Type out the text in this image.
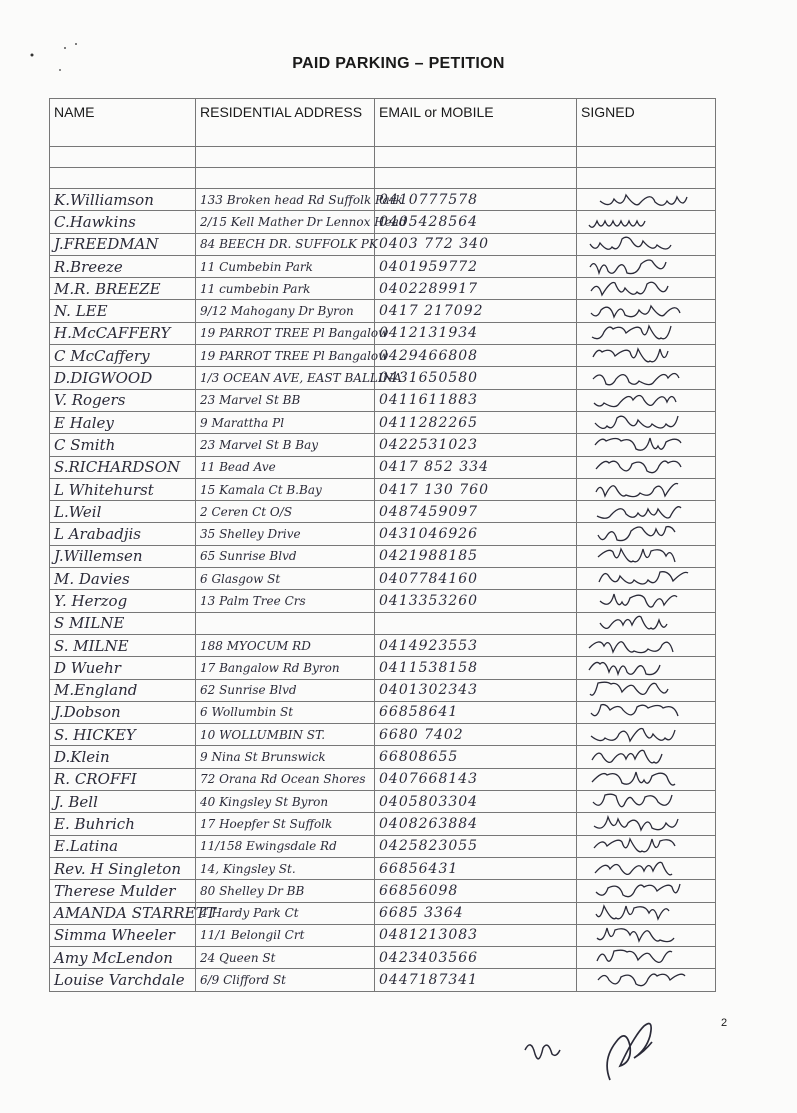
PAID PARKING – PETITION
NAME	RESIDENTIAL ADDRESS	EMAIL or MOBILE	SIGNED

K.Williamson	133 Broken head Rd Suffolk Park	0410777578	

C.Hawkins	2/15 Kell Mather Dr Lennox Head	0405428564	

J.FREEDMAN	84 BEECH DR. SUFFOLK PK	0403 772 340	

R.Breeze	11 Cumbebin Park	0401959772	

M.R. BREEZE	11 cumbebin Park	0402289917	

N. LEE	9/12 Mahogany Dr Byron	0417 217092	

H.McCAFFERY	19 PARROT TREE Pl Bangalow	0412131934	

C McCaffery	19 PARROT TREE Pl Bangalow	0429466808	

D.DIGWOOD	1/3 OCEAN AVE, EAST BALLINA	0431650580	

V. Rogers	23 Marvel St BB	0411611883	

E Haley	9 Marattha Pl	0411282265	

C Smith	23 Marvel St B Bay	0422531023	

S.RICHARDSON	11 Bead Ave	0417 852 334	

L Whitehurst	15 Kamala Ct B.Bay	0417 130 760	

L.Weil	2 Ceren Ct O/S	0487459097	

L Arabadjis	35 Shelley Drive	0431046926	

J.Willemsen	65 Sunrise Blvd	0421988185	

M. Davies	6 Glasgow St	0407784160	

Y. Herzog	13 Palm Tree Crs	0413353260	

S MILNE			

S. MILNE	188 MYOCUM RD	0414923553	

D Wuehr	17 Bangalow Rd Byron	0411538158	

M.England	62 Sunrise Blvd	0401302343	

J.Dobson	6 Wollumbin St	66858641	

S. HICKEY	10 WOLLUMBIN ST.	6680 7402	

D.Klein	9 Nina St Brunswick	66808655	

R. CROFFI	72 Orana Rd Ocean Shores	0407668143	

J. Bell	40 Kingsley St Byron	0405803304	

E. Buhrich	17 Hoepfer St Suffolk	0408263884	

E.Latina	11/158 Ewingsdale Rd	0425823055	

Rev. H Singleton	14, Kingsley St.	66856431	

Therese Mulder	80 Shelley Dr BB	66856098	

AMANDA STARRETT	4 Hardy Park Ct	6685 3364	

Simma Wheeler	11/1 Belongil Crt	0481213083	

Amy McLendon	24 Queen St	0423403566	

Louise Varchdale	6/9 Clifford St	0447187341	
2
